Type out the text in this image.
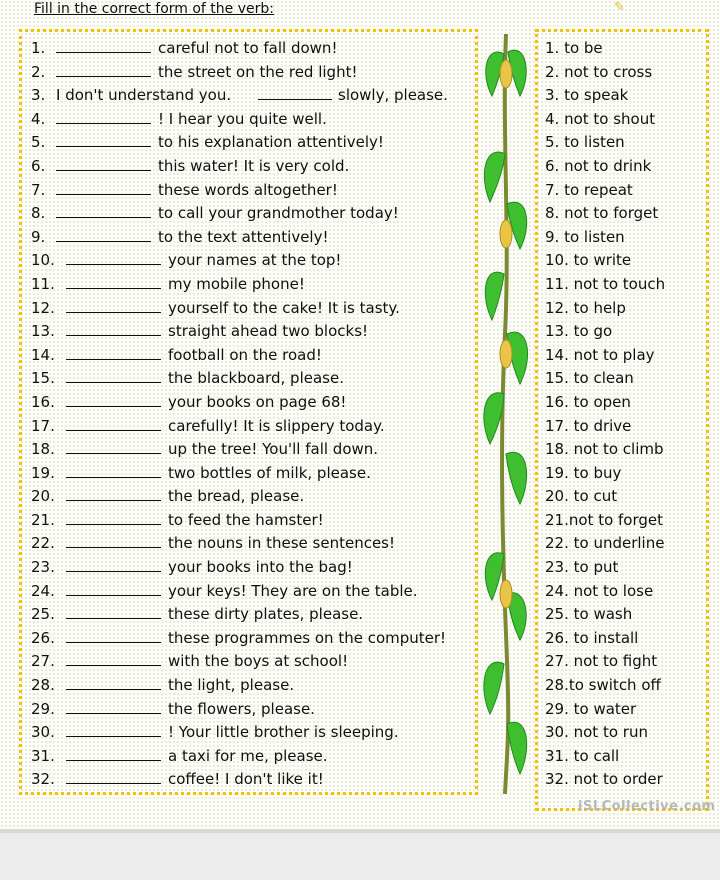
Fill in the correct form of the verb:	✎
1.	careful not to fall down!	1. to be
2.	the street on the red light!	2. not to cross
3. I don't understand you.	slowly, please.	3. to speak
4.	! I hear you quite well.	4. not to shout
5.	to his explanation attentively!	5. to listen
6.	this water! It is very cold.	6. not to drink
7.	these words altogether!	7. to repeat
8.	to call your grandmother today!	8. not to forget
9.	to the text attentively!	9. to listen
10.	your names at the top!	10. to write
11.	my mobile phone!	11. not to touch
12.	yourself to the cake! It is tasty.	12. to help
13.	straight ahead two blocks!	13. to go
14.	football on the road!	14. not to play
15.	the blackboard, please.	15. to clean
16.	your books on page 68!	16. to open
17.	carefully! It is slippery today.	17. to drive
18.	up the tree! You'll fall down.	18. not to climb
19.	two bottles of milk, please.	19. to buy
20.	the bread, please.	20. to cut
21.	to feed the hamster!	21.not to forget
22.	the nouns in these sentences!	22. to underline
23.	your books into the bag!	23. to put
24.	your keys! They are on the table.	24. not to lose
25.	these dirty plates, please.	25. to wash
26.	these programmes on the computer!	26. to install
27.	with the boys at school!	27. not to fight
28.	the light, please.	28.to switch off
29.	the flowers, please.	29. to water
30.	! Your little brother is sleeping.	30. not to run
31.	a taxi for me, please.	31. to call
32.	coffee! I don't like it!	32. not to order
iSLCollective.com
